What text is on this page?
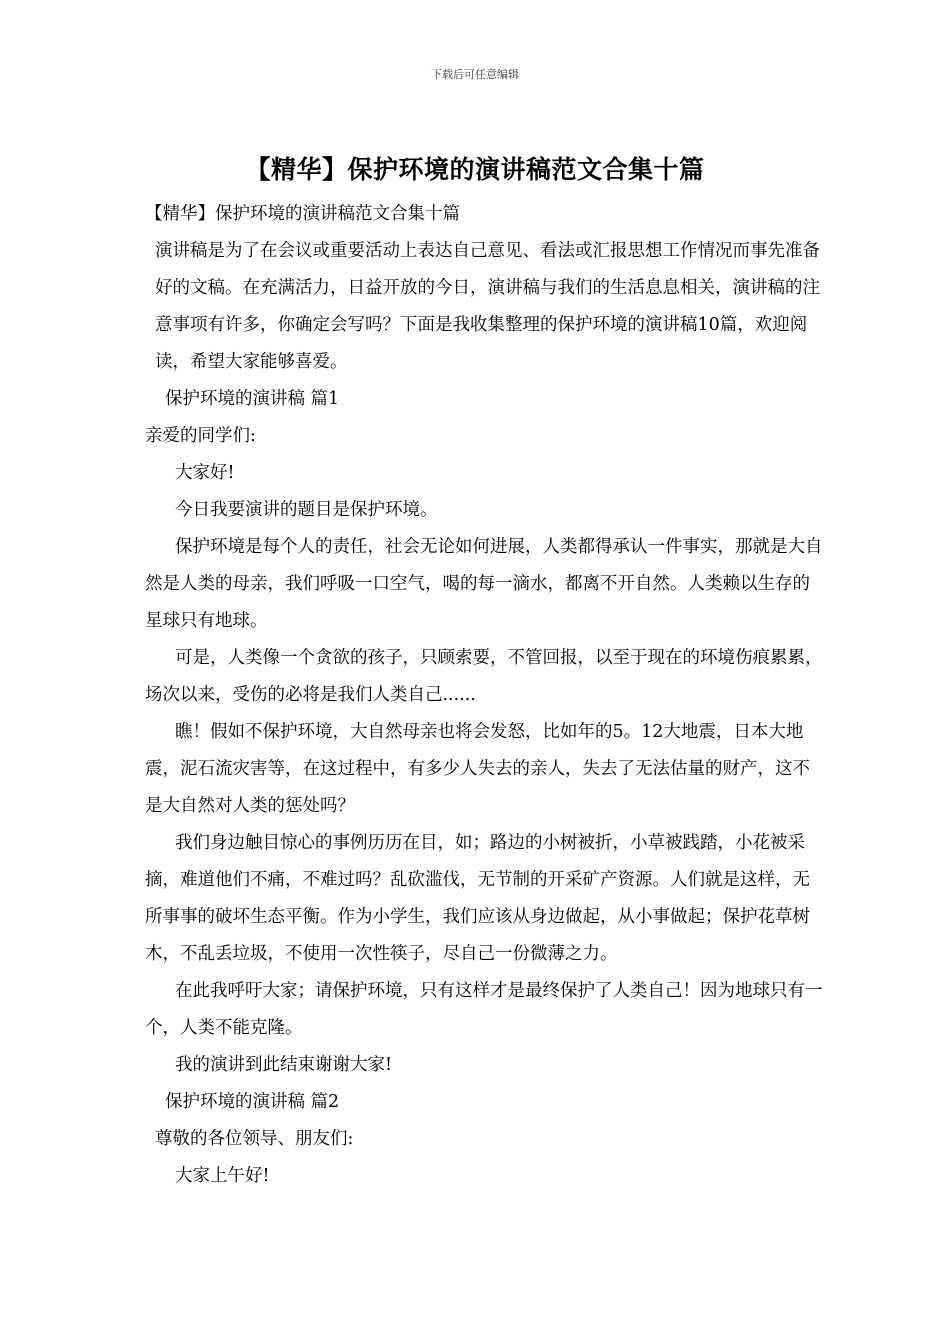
下载后可任意编辑
【精华】保护环境的演讲稿范文合集十篇

【精华】保护环境的演讲稿范文合集十篇

演讲稿是为了在会议或重要活动上表达自己意见、看法或汇报思想工作情况而事先准备好的文稿。在充满活力，日益开放的今日，演讲稿与我们的生活息息相关，演讲稿的注意事项有许多，你确定会写吗？下面是我收集整理的保护环境的演讲稿10篇，欢迎阅读，希望大家能够喜爱。

保护环境的演讲稿 篇1

亲爱的同学们:

大家好!

今日我要演讲的题目是保护环境。

保护环境是每个人的责任，社会无论如何进展，人类都得承认一件事实，那就是大自然是人类的母亲，我们呼吸一口空气，喝的每一滴水，都离不开自然。人类赖以生存的星球只有地球。

可是，人类像一个贪欲的孩子，只顾索要，不管回报，以至于现在的环境伤痕累累，场次以来，受伤的必将是我们人类自己......

瞧！假如不保护环境，大自然母亲也将会发怒，比如年的5。12大地震，日本大地震，泥石流灾害等，在这过程中，有多少人失去的亲人，失去了无法估量的财产，这不是大自然对人类的惩处吗？

我们身边触目惊心的事例历历在目，如；路边的小树被折，小草被践踏，小花被采摘，难道他们不痛，不难过吗？乱砍滥伐，无节制的开采矿产资源。人们就是这样，无所事事的破坏生态平衡。作为小学生，我们应该从身边做起，从小事做起；保护花草树木，不乱丢垃圾，不使用一次性筷子，尽自己一份微薄之力。

在此我呼吁大家；请保护环境，只有这样才是最终保护了人类自己！因为地球只有一个，人类不能克隆。

我的演讲到此结束谢谢大家!

保护环境的演讲稿 篇2

尊敬的各位领导、朋友们:

大家上午好!
